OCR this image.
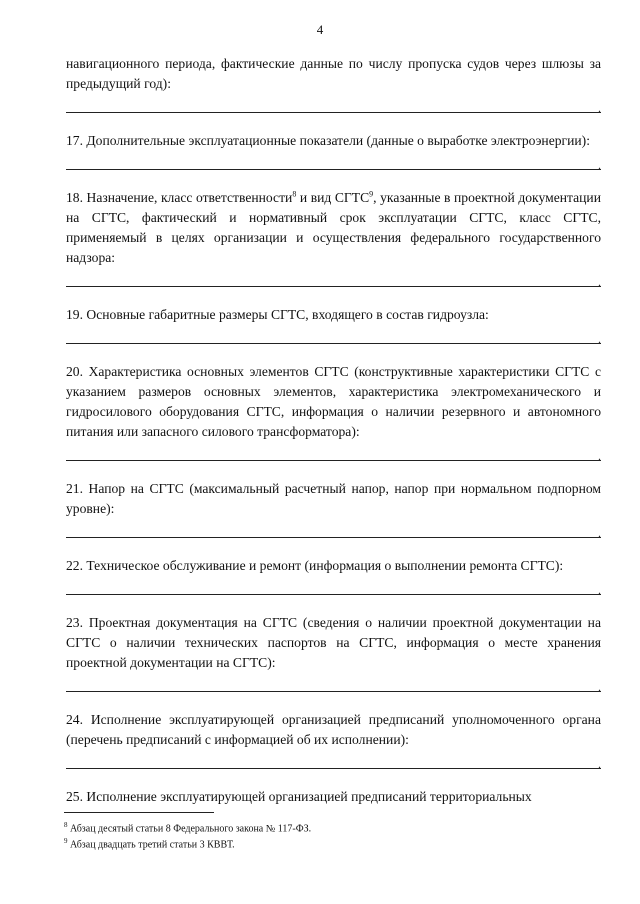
4

навигационного периода, фактические данные по числу пропуска судов через шлюзы за предыдущий год):

.

17. Дополнительные эксплуатационные показатели (данные о выработке электроэнергии):

.

18. Назначение, класс ответственности$^8$ и вид СГТС$^9$, указанные в проектной документации на СГТС, фактический и нормативный срок эксплуатации СГТС, класс СГТС, применяемый в целях организации и осуществления федерального государственного надзора:

.

19. Основные габаритные размеры СГТС, входящего в состав гидроузла:

.

20. Характеристика основных элементов СГТС (конструктивные характеристики СГТС с указанием размеров основных элементов, характеристика электромеханического и гидросилового оборудования СГТС, информация о наличии резервного и автономного питания или запасного силового трансформатора):

.

21. Напор на СГТС (максимальный расчетный напор, напор при нормальном подпорном уровне):

.

22. Техническое обслуживание и ремонт (информация о выполнении ремонта СГТС):

.

23. Проектная документация на СГТС (сведения о наличии проектной документации на СГТС о наличии технических паспортов на СГТС, информация о месте хранения проектной документации на СГТС):

.

24. Исполнение эксплуатирующей организацией предписаний уполномоченного органа (перечень предписаний с информацией об их исполнении):

.

25. Исполнение эксплуатирующей организацией предписаний территориальных

$^8$ Абзац десятый статьи 8 Федерального закона № 117-ФЗ.
$^9$ Абзац двадцать третий статьи 3 КВВТ.
